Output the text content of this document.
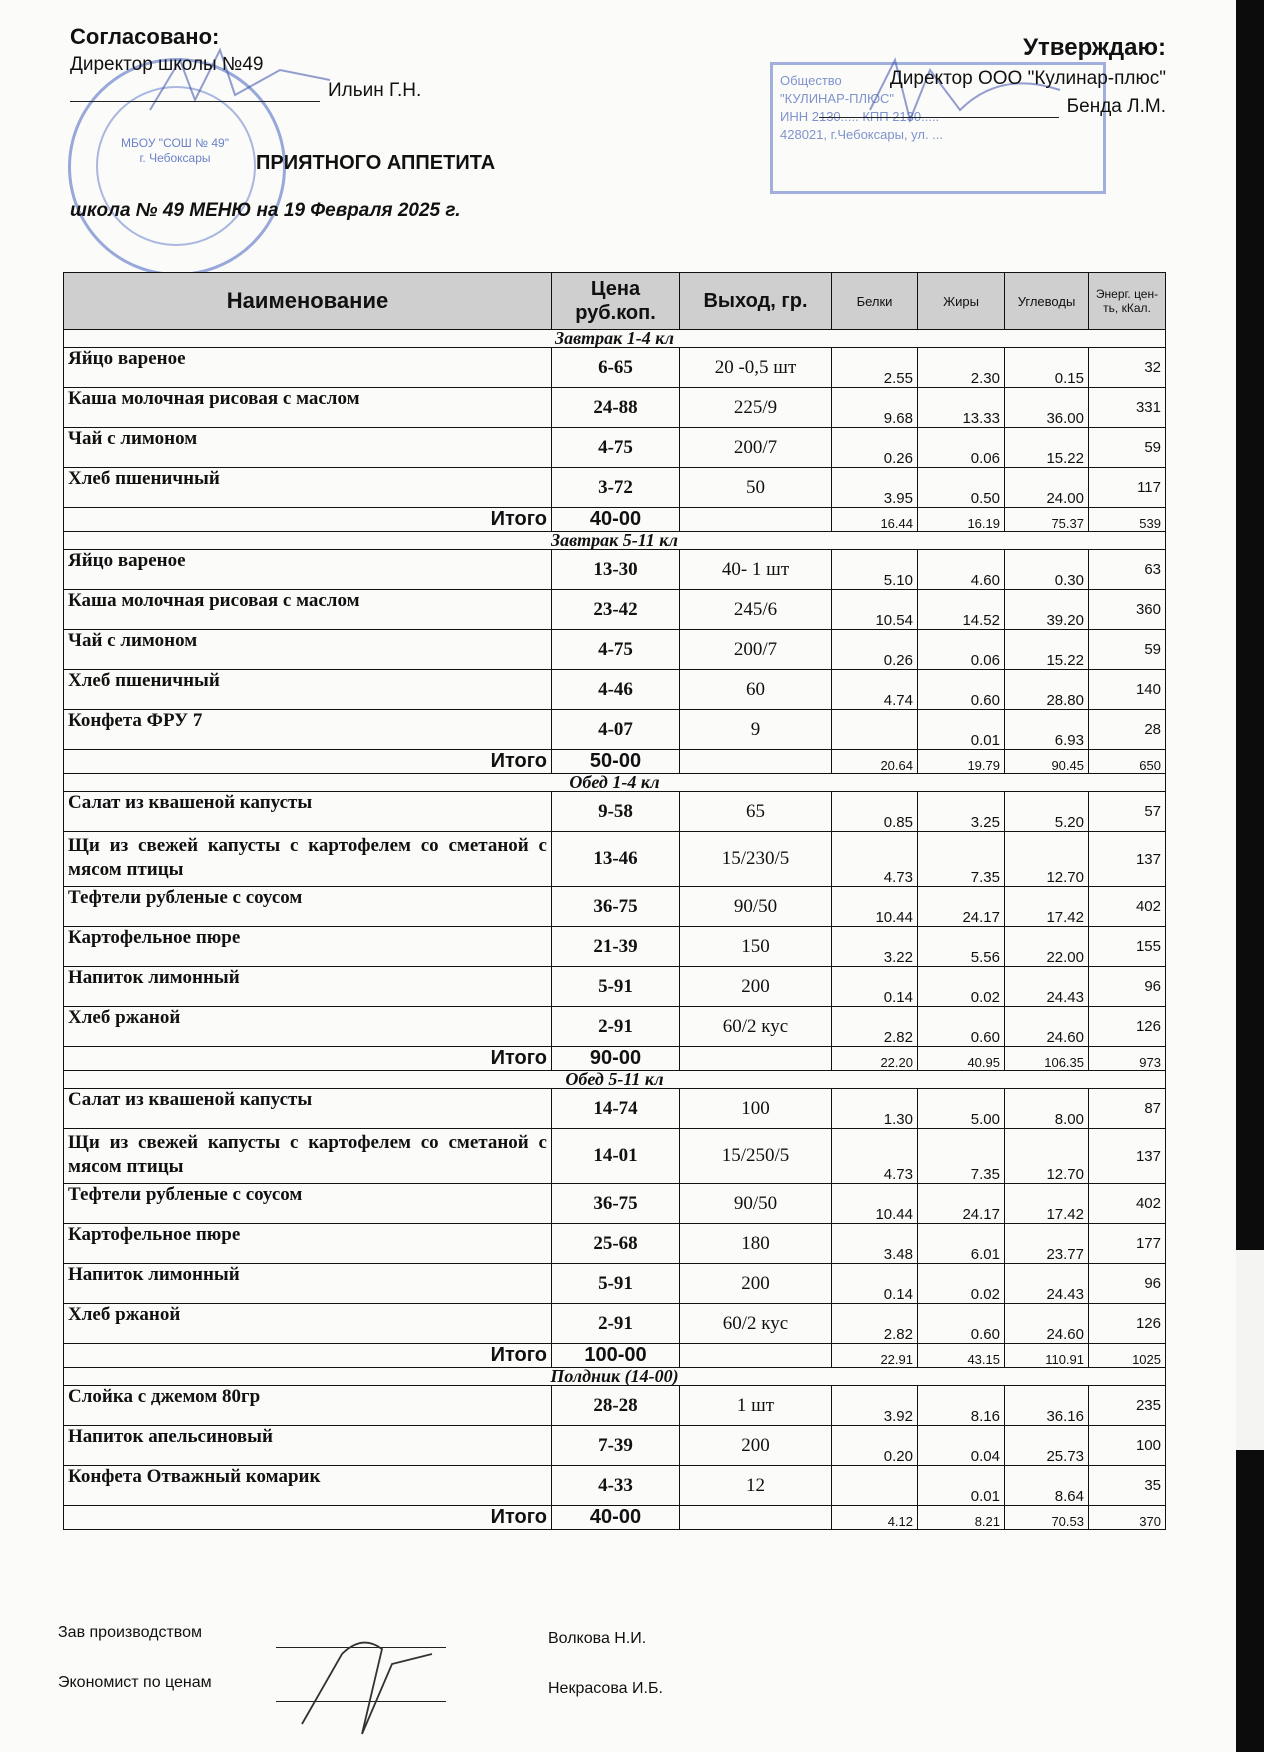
МБОУ "СОШ № 49" г. Чебоксары
Общество
"КУЛИНАР-ПЛЮС"
ИНН 2130..... КПП 2130.....
428021, г.Чебоксары, ул. ...
Согласовано:
Директор школы №49
Ильин Г.Н.
Утверждаю:
Директор ООО "Кулинар-плюс"
Бенда Л.М.
ПРИЯТНОГО АППЕТИТА
школа № 49 МЕНЮ на 19 Февраля 2025 г.
Наименование	Цена руб.коп.	Выход, гр.	Белки	Жиры	Углеводы	Энерг. цен-ть, кКал.
Завтрак 1-4 кл						
Яйцо вареное	6-65	20 -0,5 шт	2.55	2.30	0.15	32
Каша молочная рисовая с маслом	24-88	225/9	9.68	13.33	36.00	331
Чай с лимоном	4-75	200/7	0.26	0.06	15.22	59
Хлеб пшеничный	3-72	50	3.95	0.50	24.00	117
Итого	40-00		16.44	16.19	75.37	539
Завтрак 5-11 кл						
Яйцо вареное	13-30	40- 1 шт	5.10	4.60	0.30	63
Каша молочная рисовая с маслом	23-42	245/6	10.54	14.52	39.20	360
Чай с лимоном	4-75	200/7	0.26	0.06	15.22	59
Хлеб пшеничный	4-46	60	4.74	0.60	28.80	140
Конфета ФРУ 7	4-07	9		0.01	6.93	28
Итого	50-00		20.64	19.79	90.45	650
Обед 1-4 кл						
Салат из квашеной капусты	9-58	65	0.85	3.25	5.20	57
Щи из свежей капусты с картофелем со сметаной с мясом птицы	13-46	15/230/5	4.73	7.35	12.70	137
Тефтели рубленые с соусом	36-75	90/50	10.44	24.17	17.42	402
Картофельное пюре	21-39	150	3.22	5.56	22.00	155
Напиток лимонный	5-91	200	0.14	0.02	24.43	96
Хлеб ржаной	2-91	60/2 кус	2.82	0.60	24.60	126
Итого	90-00		22.20	40.95	106.35	973
Обед 5-11 кл						
Салат из квашеной капусты	14-74	100	1.30	5.00	8.00	87
Щи из свежей капусты с картофелем со сметаной с мясом птицы	14-01	15/250/5	4.73	7.35	12.70	137
Тефтели рубленые с соусом	36-75	90/50	10.44	24.17	17.42	402
Картофельное пюре	25-68	180	3.48	6.01	23.77	177
Напиток лимонный	5-91	200	0.14	0.02	24.43	96
Хлеб ржаной	2-91	60/2 кус	2.82	0.60	24.60	126
Итого	100-00		22.91	43.15	110.91	1025
Полдник (14-00)						
Слойка с джемом 80гр	28-28	1 шт	3.92	8.16	36.16	235
Напиток апельсиновый	7-39	200	0.20	0.04	25.73	100
Конфета Отважный комарик	4-33	12		0.01	8.64	35
Итого	40-00		4.12	8.21	70.53	370
Зав производством	Волкова Н.И.
Экономист по ценам	Некрасова И.Б.
